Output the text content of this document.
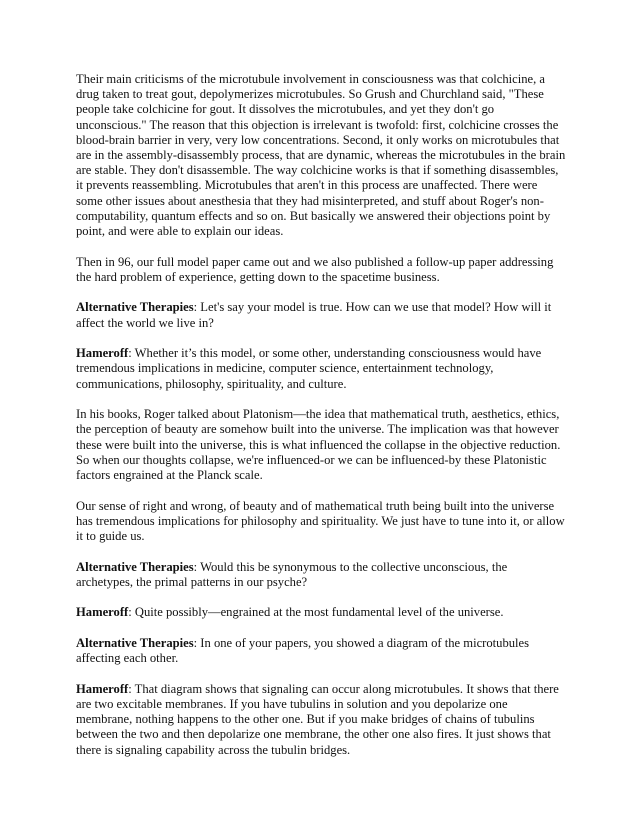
Their main criticisms of the microtubule involvement in consciousness was that colchicine, a drug taken to treat gout, depolymerizes microtubules. So Grush and Churchland said, "These people take colchicine for gout. It dissolves the microtubules, and yet they don't go unconscious." The reason that this objection is irrelevant is twofold: first, colchicine crosses the blood-brain barrier in very, very low concentrations. Second, it only works on microtubules that are in the assembly-disassembly process, that are dynamic, whereas the microtubules in the brain are stable. They don't disassemble. The way colchicine works is that if something disassembles, it prevents reassembling. Microtubules that aren't in this process are unaffected. There were some other issues about anesthesia that they had misinterpreted, and stuff about Roger's non-computability, quantum effects and so on. But basically we answered their objections point by point, and were able to explain our ideas.

Then in 96, our full model paper came out and we also published a follow-up paper addressing the hard problem of experience, getting down to the spacetime business.

Alternative Therapies: Let's say your model is true. How can we use that model? How will it affect the world we live in?

Hameroff: Whether it’s this model, or some other, understanding consciousness would have tremendous implications in medicine, computer science, entertainment technology, communications, philosophy, spirituality, and culture.

In his books, Roger talked about Platonism—the idea that mathematical truth, aesthetics, ethics, the perception of beauty are somehow built into the universe. The implication was that however these were built into the universe, this is what influenced the collapse in the objective reduction. So when our thoughts collapse, we're influenced-or we can be influenced-by these Platonistic factors engrained at the Planck scale.

Our sense of right and wrong, of beauty and of mathematical truth being built into the universe has tremendous implications for philosophy and spirituality. We just have to tune into it, or allow it to guide us.

Alternative Therapies: Would this be synonymous to the collective unconscious, the archetypes, the primal patterns in our psyche?

Hameroff: Quite possibly—engrained at the most fundamental level of the universe.

Alternative Therapies: In one of your papers, you showed a diagram of the microtubules affecting each other.

Hameroff: That diagram shows that signaling can occur along microtubules. It shows that there are two excitable membranes. If you have tubulins in solution and you depolarize one membrane, nothing happens to the other one. But if you make bridges of chains of tubulins between the two and then depolarize one membrane, the other one also fires. It just shows that there is signaling capability across the tubulin bridges.
